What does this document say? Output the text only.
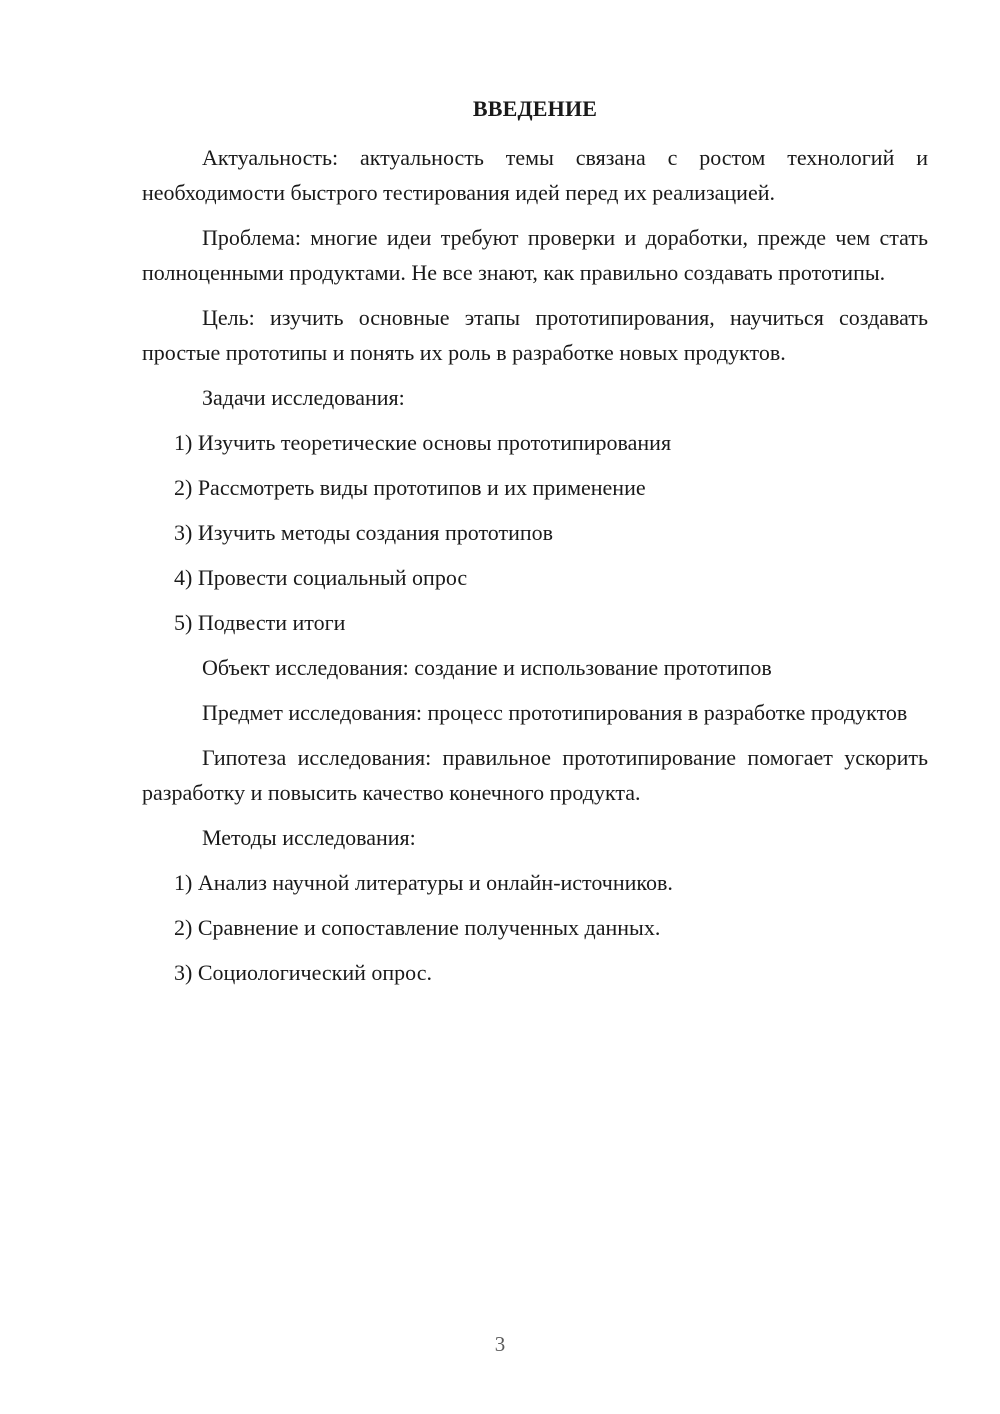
ВВЕДЕНИЕ

Актуальность: актуальность темы связана с ростом технологий и необходимости быстрого тестирования идей перед их реализацией.

Проблема: многие идеи требуют проверки и доработки, прежде чем стать полноценными продуктами. Не все знают, как правильно создавать прототипы.

Цель: изучить основные этапы прототипирования, научиться создавать простые прототипы и понять их роль в разработке новых продуктов.

Задачи исследования:

1) Изучить теоретические основы прототипирования
2) Рассмотреть виды прототипов и их применение
3) Изучить методы создания прототипов
4) Провести социальный опрос
5) Подвести итоги

Объект исследования: создание и использование прототипов

Предмет исследования: процесс прототипирования в разработке продуктов

Гипотеза исследования: правильное прототипирование помогает ускорить разработку и повысить качество конечного продукта.

Методы исследования:

1) Анализ научной литературы и онлайн-источников.
2) Сравнение и сопоставление полученных данных.
3) Социологический опрос.
3
